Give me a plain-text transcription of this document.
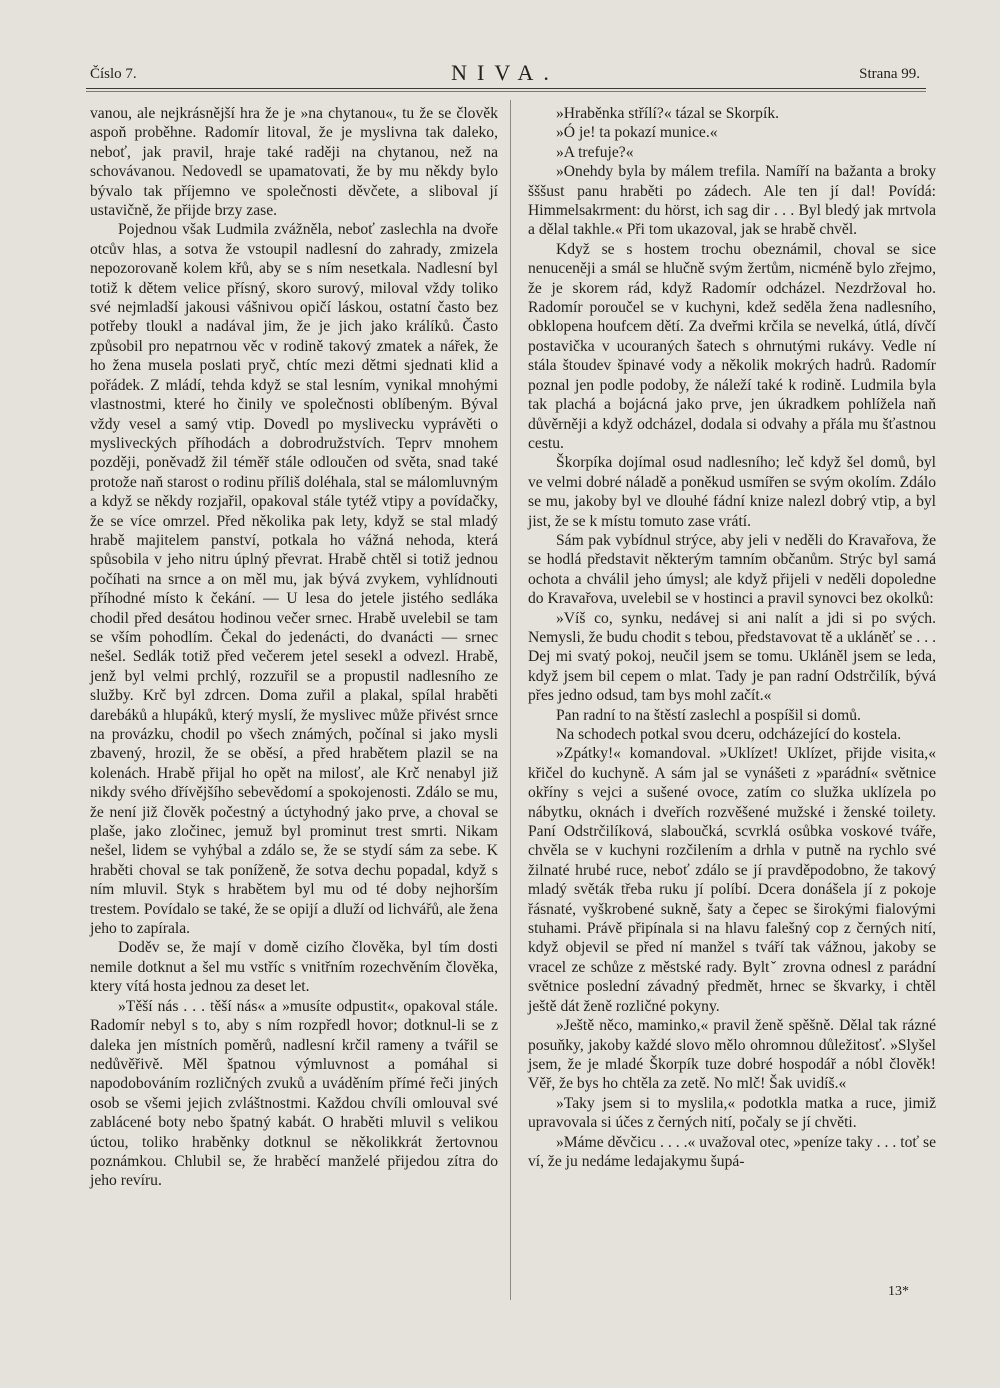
Číslo 7.	NIVA.	Strana 99.

vanou, ale nejkrásnější hra že je »na chytanou«, tu že se člověk aspoň proběhne. Radomír litoval, že je myslivna tak daleko, neboť, jak pravil, hraje také raději na chytanou, než na schovávanou. Nedovedl se upamatovati, že by mu někdy bylo bývalo tak příjemno ve společnosti děvčete, a sliboval jí ustavičně, že přijde brzy zase.

Pojednou však Ludmila zvážněla, neboť zaslechla na dvoře otcův hlas, a sotva že vstoupil nadlesní do zahrady, zmizela nepozorovaně kolem křů, aby se s ním nesetkala. Nadlesní byl totiž k dětem velice přísný, skoro surový, miloval vždy toliko své nejmladší jakousi vášnivou opičí láskou, ostatní často bez potřeby tloukl a nadával jim, že je jich jako králíků. Často způsobil pro nepatrnou věc v rodině takový zmatek a nářek, že ho žena musela poslati pryč, chtíc mezi dětmi sjednati klid a pořádek. Z mládí, tehda když se stal lesním, vynikal mnohými vlastnostmi, které ho činily ve společnosti oblíbeným. Býval vždy vesel a samý vtip. Dovedl po myslivecku vyprávěti o mysliveckých příhodách a dobrodružstvích. Teprv mnohem později, poněvadž žil téměř stále odloučen od světa, snad také protože naň starost o rodinu příliš doléhala, stal se málomluvným a když se někdy rozjařil, opakoval stále tytéž vtipy a povídačky, že se více omrzel. Před několika pak lety, když se stal mladý hrabě majitelem panství, potkala ho vážná nehoda, která spůsobila v jeho nitru úplný převrat. Hrabě chtěl si totiž jednou počíhati na srnce a on měl mu, jak bývá zvykem, vyhlídnouti příhodné místo k čekání. — U lesa do jetele jistého sedláka chodil před desátou hodinou večer srnec. Hrabě uvelebil se tam se vším pohodlím. Čekal do jedenácti, do dvanácti — srnec nešel. Sedlák totiž před večerem jetel sesekl a odvezl. Hrabě, jenž byl velmi prchlý, rozzuřil se a propustil nadlesního ze služby. Krč byl zdrcen. Doma zuřil a plakal, spílal hraběti darebáků a hlupáků, který myslí, že myslivec může přivést srnce na provázku, chodil po všech známých, počínal si jako mysli zbavený, hrozil, že se oběsí, a před hrabětem plazil se na kolenách. Hrabě přijal ho opět na milosť, ale Krč nenabyl již nikdy svého dřívějšího sebevědomí a spokojenosti. Zdálo se mu, že není již člověk počestný a úctyhodný jako prve, a choval se plaše, jako zločinec, jemuž byl prominut trest smrti. Nikam nešel, lidem se vyhýbal a zdálo se, že se stydí sám za sebe. K hraběti choval se tak poníženě, že sotva dechu popadal, když s ním mluvil. Styk s hrabětem byl mu od té doby nejhorším trestem. Povídalo se také, že se opijí a dluží od lichvářů, ale žena jeho to zapírala.

Doděv se, že mají v domě cizího člověka, byl tím dosti nemile dotknut a šel mu vstříc s vnitřním rozechvěním člověka, ktery vítá hosta jednou za deset let.

»Těší nás . . . těší nás« a »musíte odpustit«, opakoval stále. Radomír nebyl s to, aby s ním rozpředl hovor; dotknul-li se z daleka jen místních poměrů, nadlesní krčil rameny a tvářil se nedůvěřivě. Měl špatnou výmluvnost a pomáhal si napodobováním rozličných zvuků a uváděním přímé řeči jiných osob se všemi jejich zvláštnostmi. Každou chvíli omlouval své zablácené boty nebo špatný kabát. O hraběti mluvil s velikou úctou, toliko hraběnky dotknul se několikkrát žertovnou poznámkou. Chlubil se, že hraběcí manželé přijedou zítra do jeho revíru.

»Hraběnka střílí?« tázal se Skorpík.

»Ó je! ta pokazí munice.«

»A trefuje?«

»Onehdy byla by málem trefila. Namíří na bažanta a broky šššust panu hraběti po zádech. Ale ten jí dal! Povídá: Himmelsakrment: du hörst, ich sag dir . . . Byl bledý jak mrtvola a dělal takhle.« Při tom ukazoval, jak se hrabě chvěl.

Když se s hostem trochu obeznámil, choval se sice nenuceněji a smál se hlučně svým žertům, nicméně bylo zřejmo, že je skorem rád, když Radomír odcházel. Nezdržoval ho. Radomír poroučel se v kuchyni, kdež seděla žena nadlesního, obklopena houfcem dětí. Za dveřmi krčila se nevelká, útlá, dívčí postavička v ucouraných šatech s ohrnutými rukávy. Vedle ní stála štoudev špinavé vody a několik mokrých hadrů. Radomír poznal jen podle podoby, že náleží také k rodině. Ludmila byla tak plachá a bojácná jako prve, jen úkradkem pohlížela naň důvěrněji a když odcházel, dodala si odvahy a přála mu šťastnou cestu.

Škorpíka dojímal osud nadlesního; leč když šel domů, byl ve velmi dobré náladě a poněkud usmířen se svým okolím. Zdálo se mu, jakoby byl ve dlouhé fádní knize nalezl dobrý vtip, a byl jist, že se k místu tomuto zase vrátí.

Sám pak vybídnul strýce, aby jeli v neděli do Kravařova, že se hodlá představit některým tamním občanům. Strýc byl samá ochota a chválil jeho úmysl; ale když přijeli v neděli dopoledne do Kravařova, uvelebil se v hostinci a pravil synovci bez okolků:

»Víš co, synku, nedávej si ani nalít a jdi si po svých. Nemysli, že budu chodit s tebou, představovat tě a ukláněť se . . . Dej mi svatý pokoj, neučil jsem se tomu. Ukláněl jsem se leda, když jsem bil cepem o mlat. Tady je pan radní Odstrčilík, bývá přes jedno odsud, tam bys mohl začít.«

Pan radní to na štěstí zaslechl a pospíšil si domů.

Na schodech potkal svou dceru, odcházející do kostela.

»Zpátky!« komandoval. »Uklízet! Uklízet, přijde visita,« křičel do kuchyně. A sám jal se vynášeti z »parádní« světnice okříny s vejci a sušené ovoce, zatím co služka uklízela po nábytku, oknách i dveřích rozvěšené mužské i ženské toilety. Paní Odstrčilíková, slaboučká, scvrklá osůbka voskové tváře, chvěla se v kuchyni rozčilením a drhla v putně na rychlo své žilnaté hrubé ruce, neboť zdálo se jí pravděpodobno, že takový mladý světák třeba ruku jí políbí. Dcera donášela jí z pokoje řásnaté, vyškrobené sukně, šaty a čepec se širokými fialovými stuhami. Právě připínala si na hlavu falešný cop z černých nití, když objevil se před ní manžel s tváří tak vážnou, jakoby se vracel ze schůze z městské rady. Byltˇ zrovna odnesl z parádní světnice poslední závadný předmět, hrnec se škvarky, i chtěl ještě dát ženě rozličné pokyny.

»Ještě něco, maminko,« pravil ženě spěšně. Dělal tak rázné posuňky, jakoby každé slovo mělo ohromnou důležitosť. »Slyšel jsem, že je mladé Škorpík tuze dobré hospodář a nóbl člověk! Věř, že bys ho chtěla za zetě. No mlč! Šak uvidíš.«

»Taky jsem si to myslila,« podotkla matka a ruce, jimiž upravovala si účes z černých nití, počaly se jí chvěti.

»Máme děvčicu . . . .« uvažoval otec, »peníze taky . . . toť se ví, že ju nedáme ledajakymu šupá-

13*
